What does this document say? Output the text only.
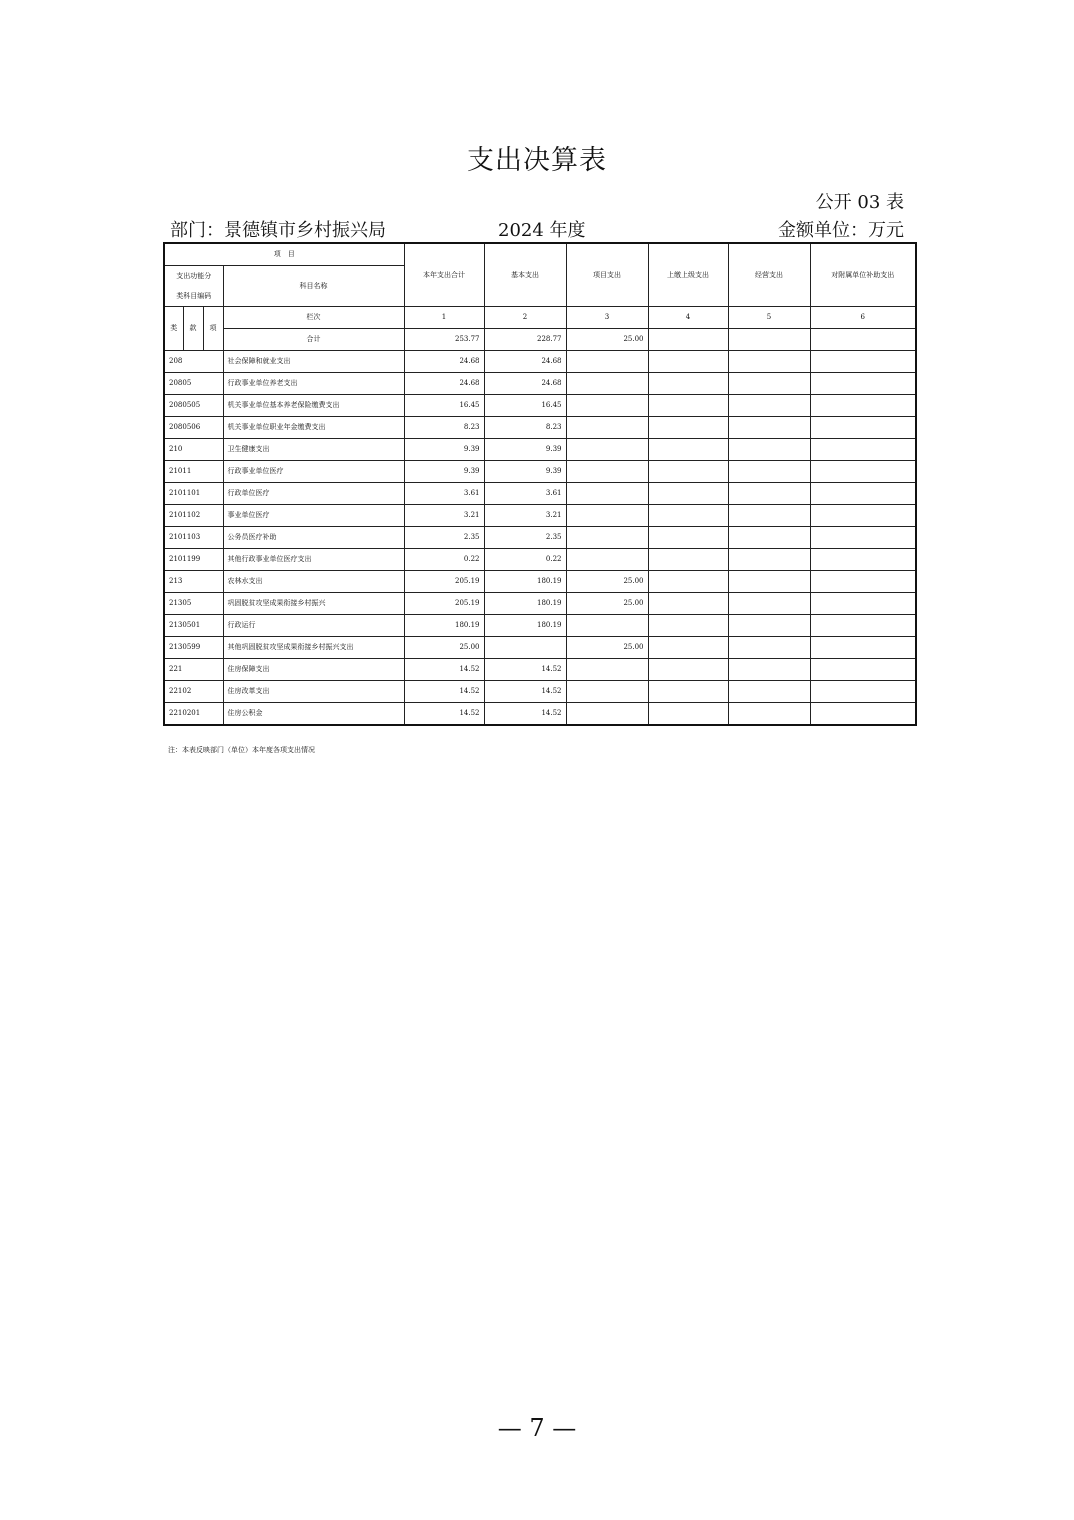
支出决算表
公开 03 表
部门：景德镇市乡村振兴局	2024 年度	金额单位：万元
项　目				本年支出合计	基本支出	项目支出	上缴上级支出	经营支出	对附属单位补助支出

支出功能分
类科目编码			科目名称						
类	款	项	栏次	1	2	3	4	5	6
			合计	253.77	228.77	25.00			
208			社会保障和就业支出	24.68	24.68				
20805			行政事业单位养老支出	24.68	24.68				
2080505			机关事业单位基本养老保险缴费支出	16.45	16.45				
2080506			机关事业单位职业年金缴费支出	8.23	8.23				
210			卫生健康支出	9.39	9.39				
21011			行政事业单位医疗	9.39	9.39				
2101101			行政单位医疗	3.61	3.61				
2101102			事业单位医疗	3.21	3.21				
2101103			公务员医疗补助	2.35	2.35				
2101199			其他行政事业单位医疗支出	0.22	0.22				
213			农林水支出	205.19	180.19	25.00			
21305			巩固脱贫攻坚成果衔接乡村振兴	205.19	180.19	25.00			
2130501			行政运行	180.19	180.19				
2130599			其他巩固脱贫攻坚成果衔接乡村振兴支出	25.00		25.00			
221			住房保障支出	14.52	14.52				
22102			住房改革支出	14.52	14.52				
2210201			住房公积金	14.52	14.52				
注：本表反映部门（单位）本年度各项支出情况
— 7 —
